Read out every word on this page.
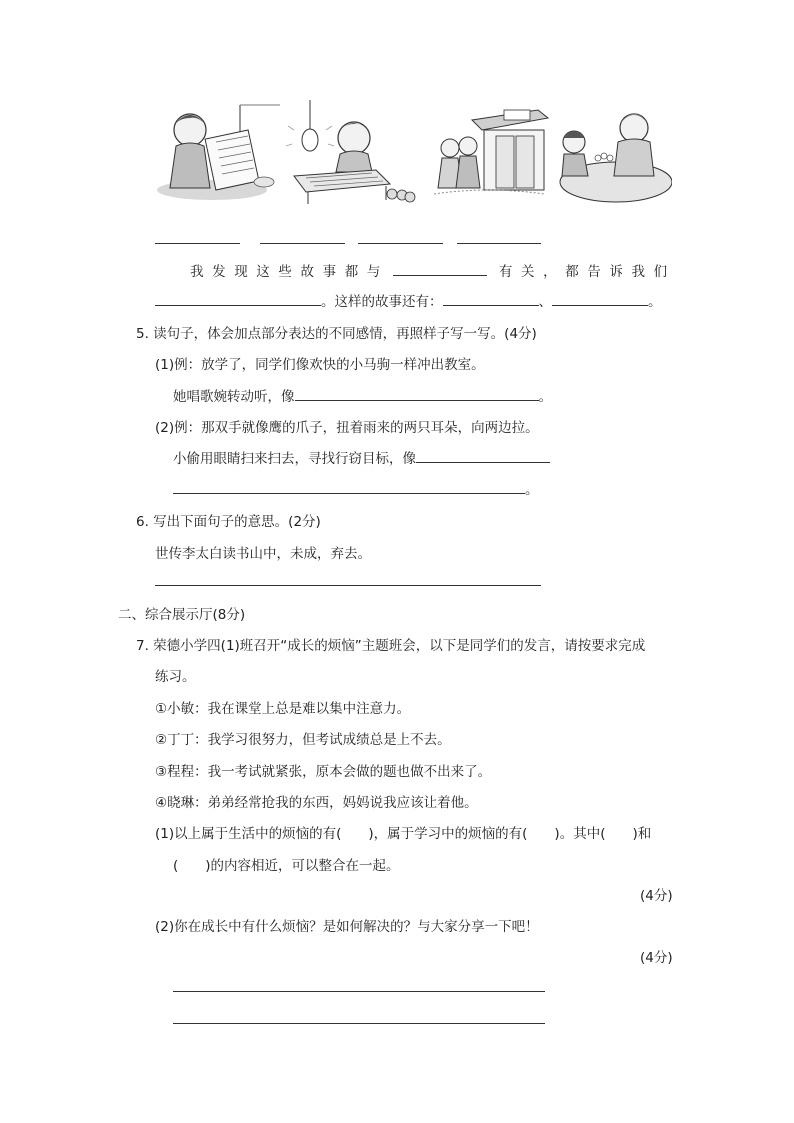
我发现这些故事都与	有关，都告诉我们
。这样的故事还有：	、	。
5. 读句子，体会加点部分表达的不同感情，再照样子写一写。(4分)
(1)例：放学了，同学们像欢快的小马驹一样冲出教室。
她唱歌婉转动听，像	。
(2)例：那双手就像鹰的爪子，扭着雨来的两只耳朵，向两边拉。
小偷用眼睛扫来扫去，寻找行窃目标，像
。
6. 写出下面句子的意思。(2分)
世传李太白读书山中，未成，弃去。
二、综合展示厅(8分)
7. 荣德小学四(1)班召开“成长的烦恼”主题班会，以下是同学们的发言，请按要求完成
练习。
①小敏：我在课堂上总是难以集中注意力。
②丁丁：我学习很努力，但考试成绩总是上不去。
③程程：我一考试就紧张，原本会做的题也做不出来了。
④晓琳：弟弟经常抢我的东西，妈妈说我应该让着他。
(1)以上属于生活中的烦恼的有(　　)，属于学习中的烦恼的有(　　)。其中(　　)和
(　　)的内容相近，可以整合在一起。
(4分)
(2)你在成长中有什么烦恼？是如何解决的？与大家分享一下吧！
(4分)
